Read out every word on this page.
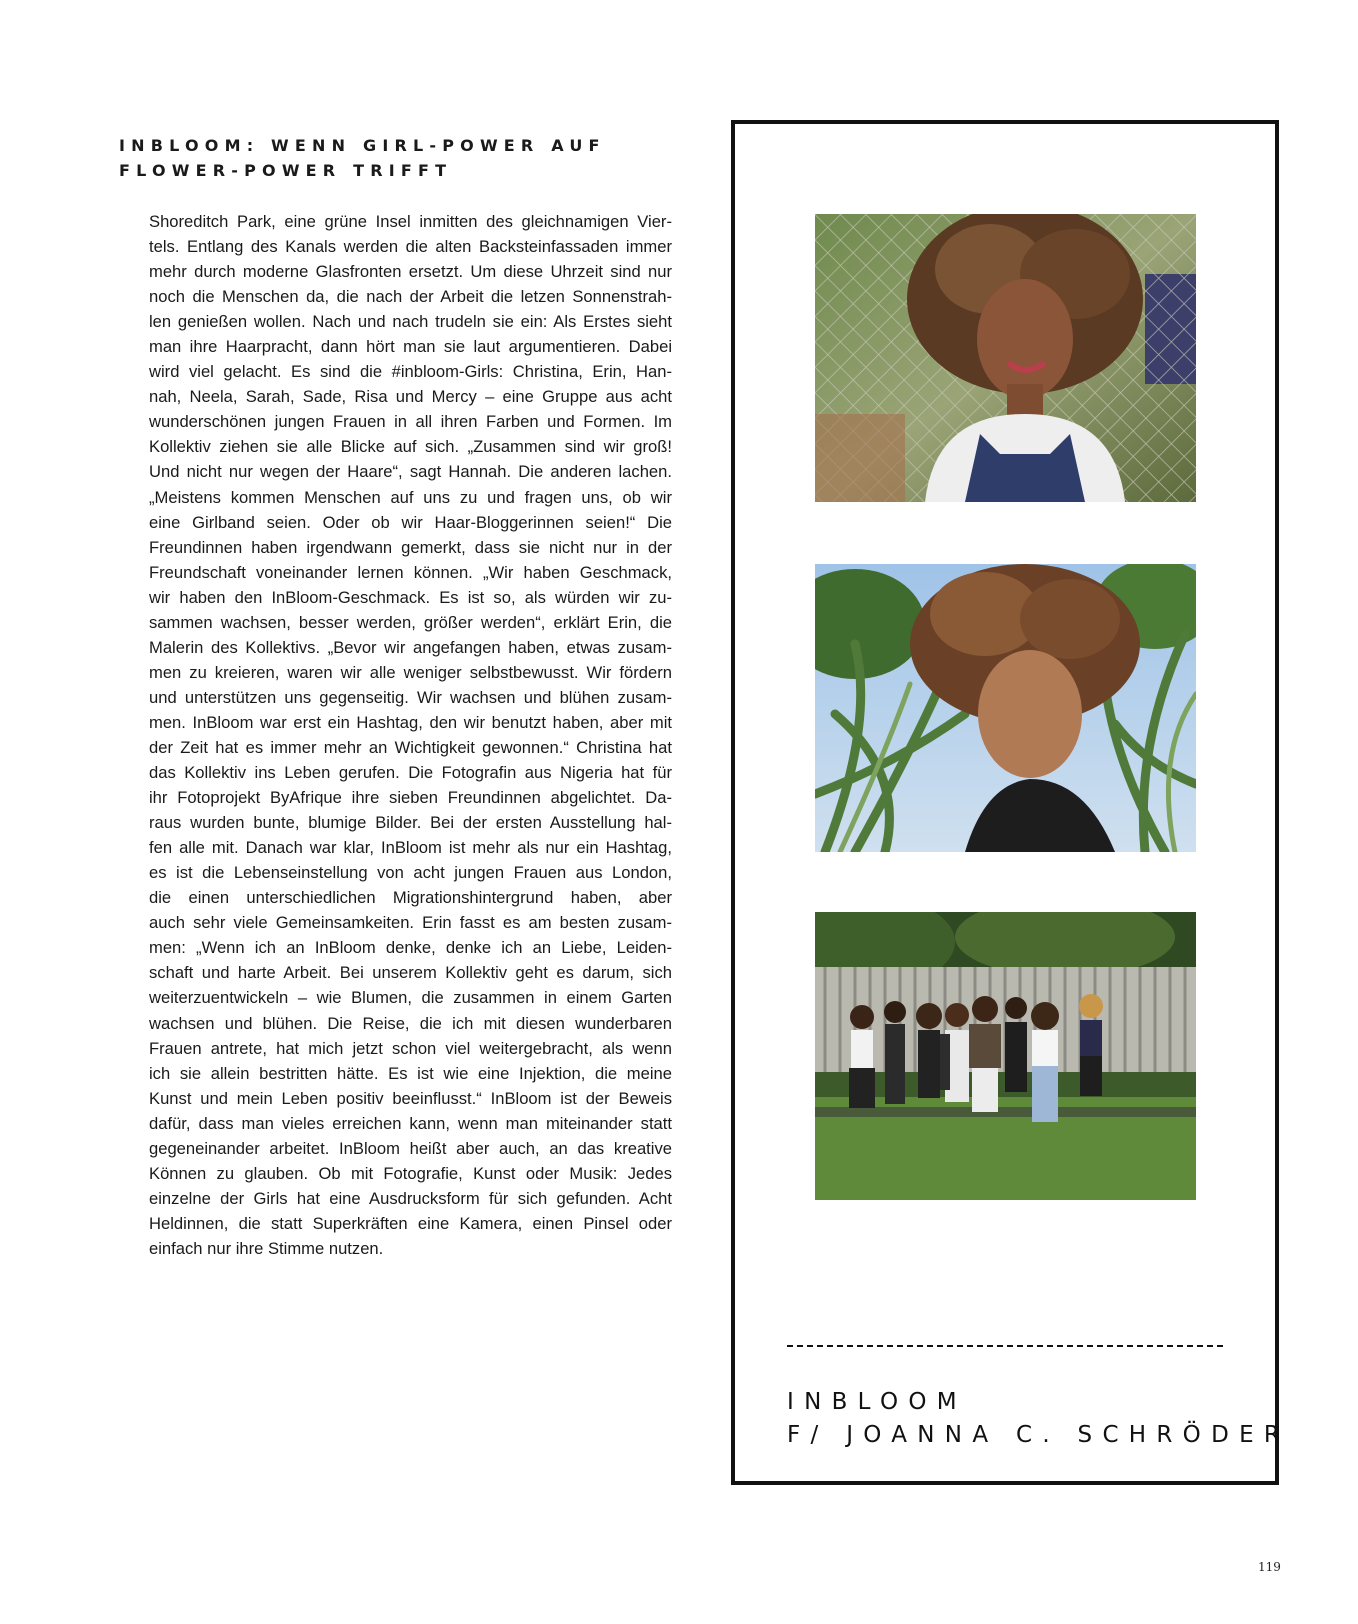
INBLOOM: WENN GIRL-POWER AUF
FLOWER-POWER TRIFFT
Shoreditch Park, eine grüne Insel inmitten des gleichnamigen Vier-
tels. Entlang des Kanals werden die alten Backsteinfassaden immer
mehr durch moderne Glasfronten ersetzt. Um diese Uhrzeit sind nur
noch die Menschen da, die nach der Arbeit die letzen Sonnenstrah-
len genießen wollen. Nach und nach trudeln sie ein: Als Erstes sieht
man ihre Haarpracht, dann hört man sie laut argumentieren. Dabei
wird viel gelacht. Es sind die #inbloom-Girls: Christina, Erin, Han-
nah, Neela, Sarah, Sade, Risa und Mercy – eine Gruppe aus acht
wunderschönen jungen Frauen in all ihren Farben und Formen. Im
Kollektiv ziehen sie alle Blicke auf sich. „Zusammen sind wir groß!
Und nicht nur wegen der Haare“, sagt Hannah. Die anderen lachen.
„Meistens kommen Menschen auf uns zu und fragen uns, ob wir
eine Girlband seien. Oder ob wir Haar-Bloggerinnen seien!“ Die
Freundinnen haben irgendwann gemerkt, dass sie nicht nur in der
Freundschaft voneinander lernen können. „Wir haben Geschmack,
wir haben den InBloom-Geschmack. Es ist so, als würden wir zu-
sammen wachsen, besser werden, größer werden“, erklärt Erin, die
Malerin des Kollektivs. „Bevor wir angefangen haben, etwas zusam-
men zu kreieren, waren wir alle weniger selbstbewusst. Wir fördern
und unterstützen uns gegenseitig. Wir wachsen und blühen zusam-
men. InBloom war erst ein Hashtag, den wir benutzt haben, aber mit
der Zeit hat es immer mehr an Wichtigkeit gewonnen.“ Christina hat
das Kollektiv ins Leben gerufen. Die Fotografin aus Nigeria hat für
ihr Fotoprojekt ByAfrique ihre sieben Freundinnen abgelichtet. Da-
raus wurden bunte, blumige Bilder. Bei der ersten Ausstellung hal-
fen alle mit. Danach war klar, InBloom ist mehr als nur ein Hashtag,
es ist die Lebenseinstellung von acht jungen Frauen aus London,
die einen unterschiedlichen Migrationshintergrund haben, aber
auch sehr viele Gemeinsamkeiten. Erin fasst es am besten zusam-
men: „Wenn ich an InBloom denke, denke ich an Liebe, Leiden-
schaft und harte Arbeit. Bei unserem Kollektiv geht es darum, sich
weiterzuentwickeln – wie Blumen, die zusammen in einem Garten
wachsen und blühen. Die Reise, die ich mit diesen wunderbaren
Frauen antrete, hat mich jetzt schon viel weitergebracht, als wenn
ich sie allein bestritten hätte. Es ist wie eine Injektion, die meine
Kunst und mein Leben positiv beeinflusst.“ InBloom ist der Beweis
dafür, dass man vieles erreichen kann, wenn man miteinander statt
gegeneinander arbeitet. InBloom heißt aber auch, an das kreative
Können zu glauben. Ob mit Fotografie, Kunst oder Musik: Jedes
einzelne der Girls hat eine Ausdrucksform für sich gefunden. Acht
Heldinnen, die statt Superkräften eine Kamera, einen Pinsel oder
einfach nur ihre Stimme nutzen.
INBLOOM
F/ JOANNA C. SCHRÖDER
119
